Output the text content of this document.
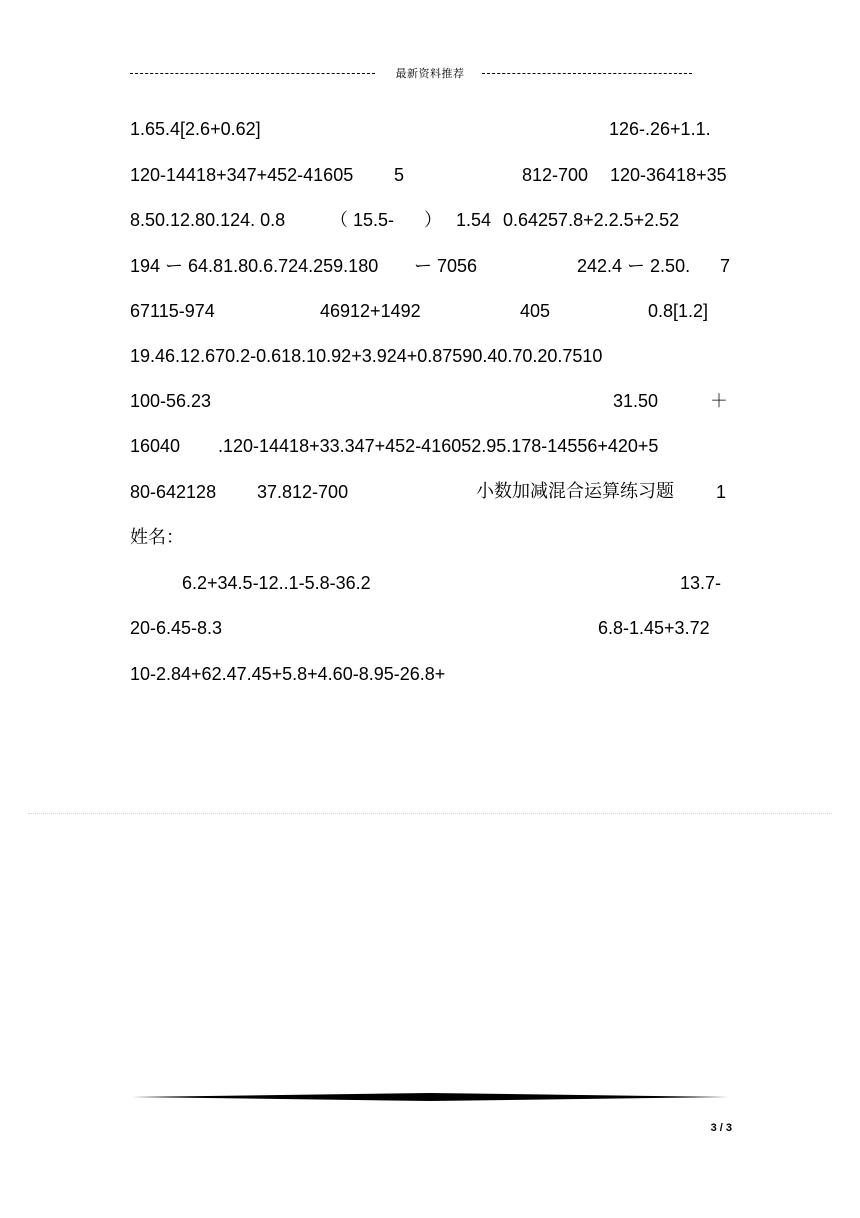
最新资料推荐
1.65.4[2.6+0.62]	126-.26+1.1.
120-14418+347+452-41605 5	812-700 120-36418+35
8.50.12.80.124. 0.8 （ 15.5- ） 1.54 0.64257.8+2.2.5+2.52
194 ー 64.81.80.6.724.259.180 ー 7056	242.4 ー 2.50. 7
67115-974	46912+1492	405	0.8[1.2]
19.46.12.670.2-0.618.10.92+3.924+0.87590.40.70.20.7510
100-56.23	31.50	＋
16040 .120-14418+33.347+452-416052.95.178-14556+420+5
80-642128 37.812-700	小数加减混合运算练习题 1
姓名：
6.2+34.5-12..1-5.8-36.2	13.7-
20-6.45-8.3	6.8-1.45+3.72
10-2.84+62.47.45+5.8+4.60-8.95-26.8+
3 / 3
